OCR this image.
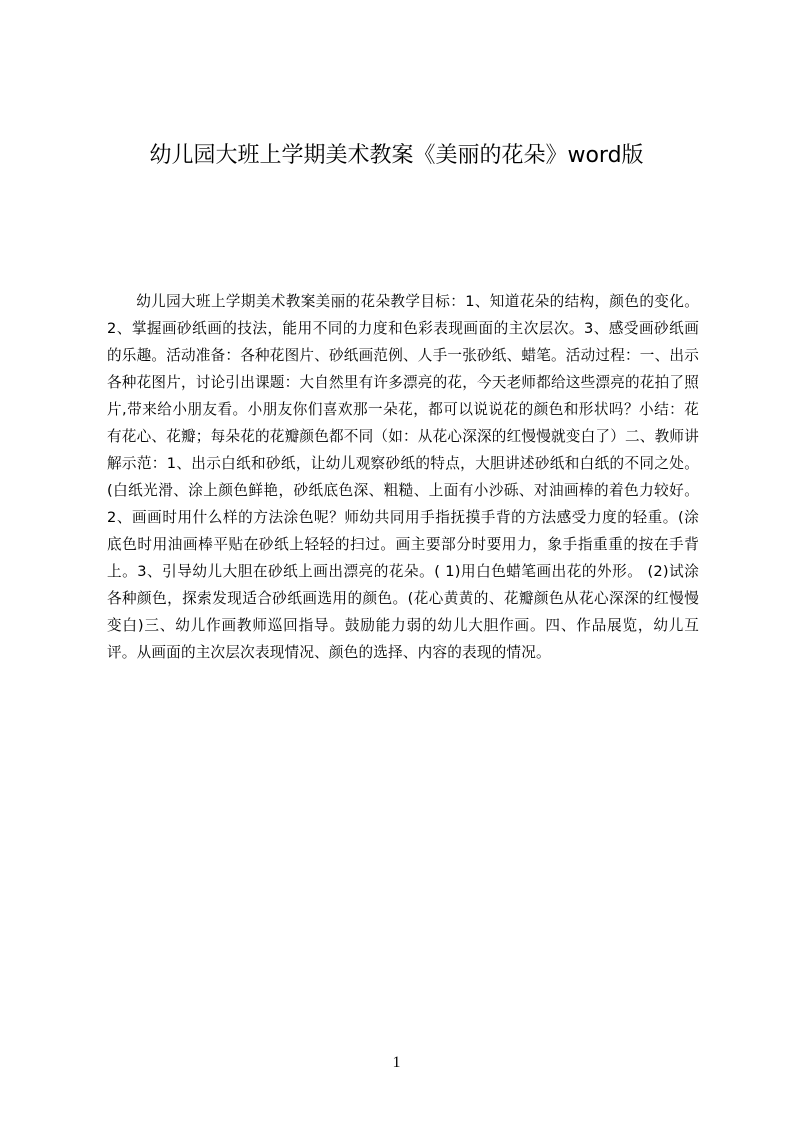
幼儿园大班上学期美术教案《美丽的花朵》word版

幼儿园大班上学期美术教案美丽的花朵教学目标：1、知道花朵的结构，颜色的变化。2、掌握画砂纸画的技法，能用不同的力度和色彩表现画面的主次层次。3、感受画砂纸画的乐趣。活动准备：各种花图片、砂纸画范例、人手一张砂纸、蜡笔。活动过程：一、出示各种花图片，讨论引出课题：大自然里有许多漂亮的花，今天老师都给这些漂亮的花拍了照片,带来给小朋友看。小朋友你们喜欢那一朵花，都可以说说花的颜色和形状吗？小结：花有花心、花瓣；每朵花的花瓣颜色都不同（如：从花心深深的红慢慢就变白了）二、教师讲解示范：1、出示白纸和砂纸，让幼儿观察砂纸的特点，大胆讲述砂纸和白纸的不同之处。(白纸光滑、涂上颜色鲜艳，砂纸底色深、粗糙、上面有小沙砾、对油画棒的着色力较好。2、画画时用什么样的方法涂色呢？师幼共同用手指抚摸手背的方法感受力度的轻重。(涂底色时用油画棒平贴在砂纸上轻轻的扫过。画主要部分时要用力，象手指重重的按在手背上。3、引导幼儿大胆在砂纸上画出漂亮的花朵。( 1)用白色蜡笔画出花的外形。 (2)试涂各种颜色，探索发现适合砂纸画选用的颜色。(花心黄黄的、花瓣颜色从花心深深的红慢慢变白)三、幼儿作画教师巡回指导。鼓励能力弱的幼儿大胆作画。四、作品展览，幼儿互评。从画面的主次层次表现情况、颜色的选择、内容的表现的情况。

1
